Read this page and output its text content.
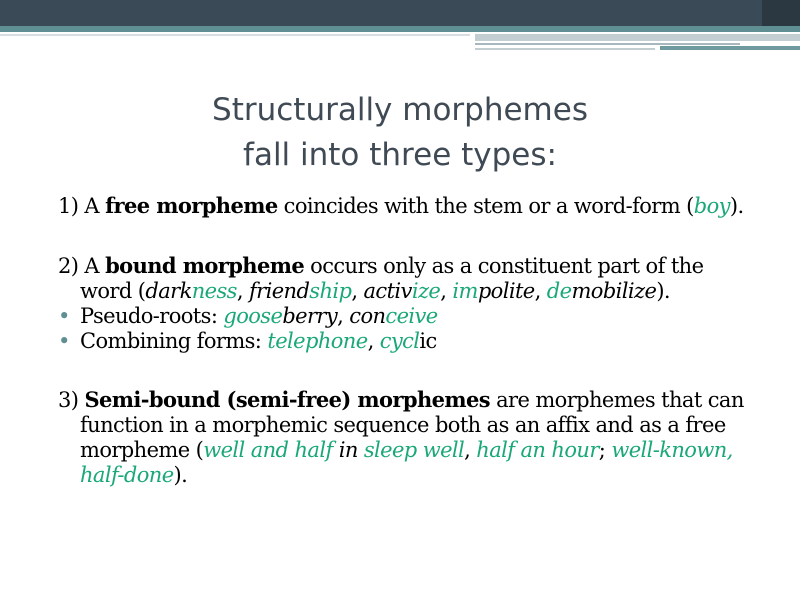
Structurally morphemes
fall into three types:

1) A free morpheme coincides with the stem or a word-form (boy).

2) A bound morpheme occurs only as a constituent part of the word (darkness, friendship, activize, impolite, demobilize).

• Pseudo-roots: gooseberry, conceive

• Combining forms: telephone, cyclic

3) Semi-bound (semi-free) morphemes are morphemes that can function in a morphemic sequence both as an affix and as a free morpheme (well and half in sleep well, half an hour; well-known, half-done).
